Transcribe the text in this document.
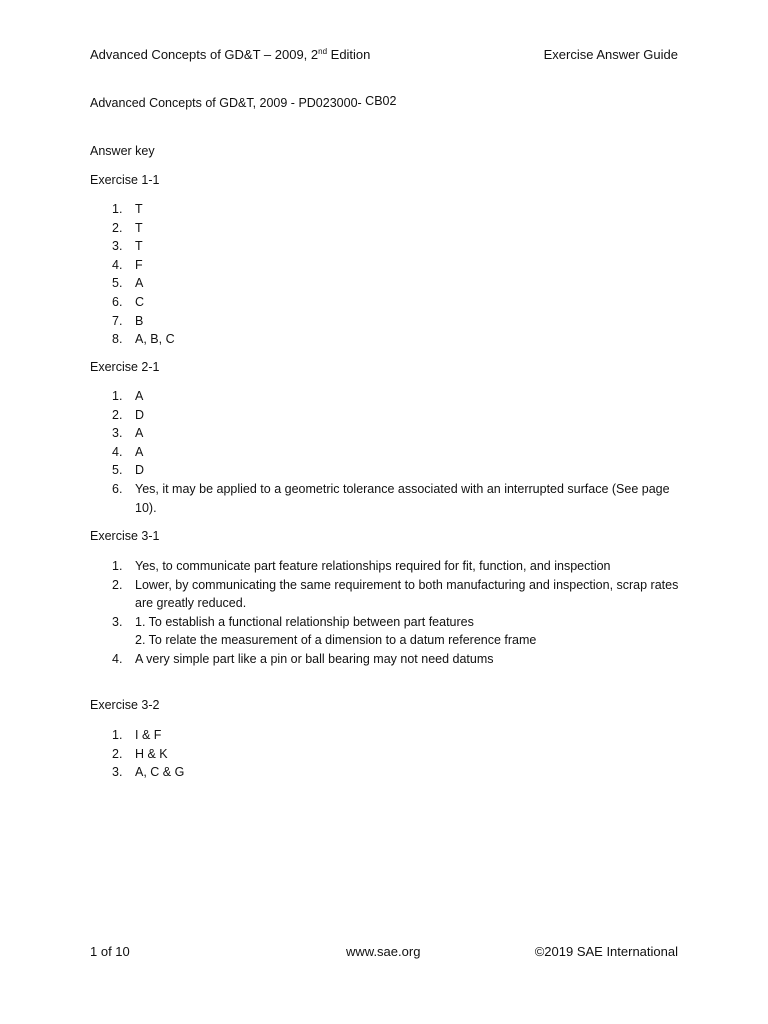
Advanced Concepts of GD&T – 2009, 2nd Edition	Exercise Answer Guide
Advanced Concepts of GD&T, 2009 - PD023000- CB02
Answer key
Exercise 1-1
1.	T
2.	T
3.	T
4.	F
5.	A
6.	C
7.	B
8.	A, B, C
Exercise 2-1
1.	A
2.	D
3.	A
4.	A
5.	D
6.	Yes, it may be applied to a geometric tolerance associated with an interrupted surface (See page 10).
Exercise 3-1
1.	Yes, to communicate part feature relationships required for fit, function, and inspection
2.	Lower, by communicating the same requirement to both manufacturing and inspection, scrap rates are greatly reduced.
3.	1. To establish a functional relationship between part features
2. To relate the measurement of a dimension to a datum reference frame
4.	A very simple part like a pin or ball bearing may not need datums
Exercise 3-2
1.	I & F
2.	H & K
3.	A, C & G
1 of 10	www.sae.org	©2019 SAE International
